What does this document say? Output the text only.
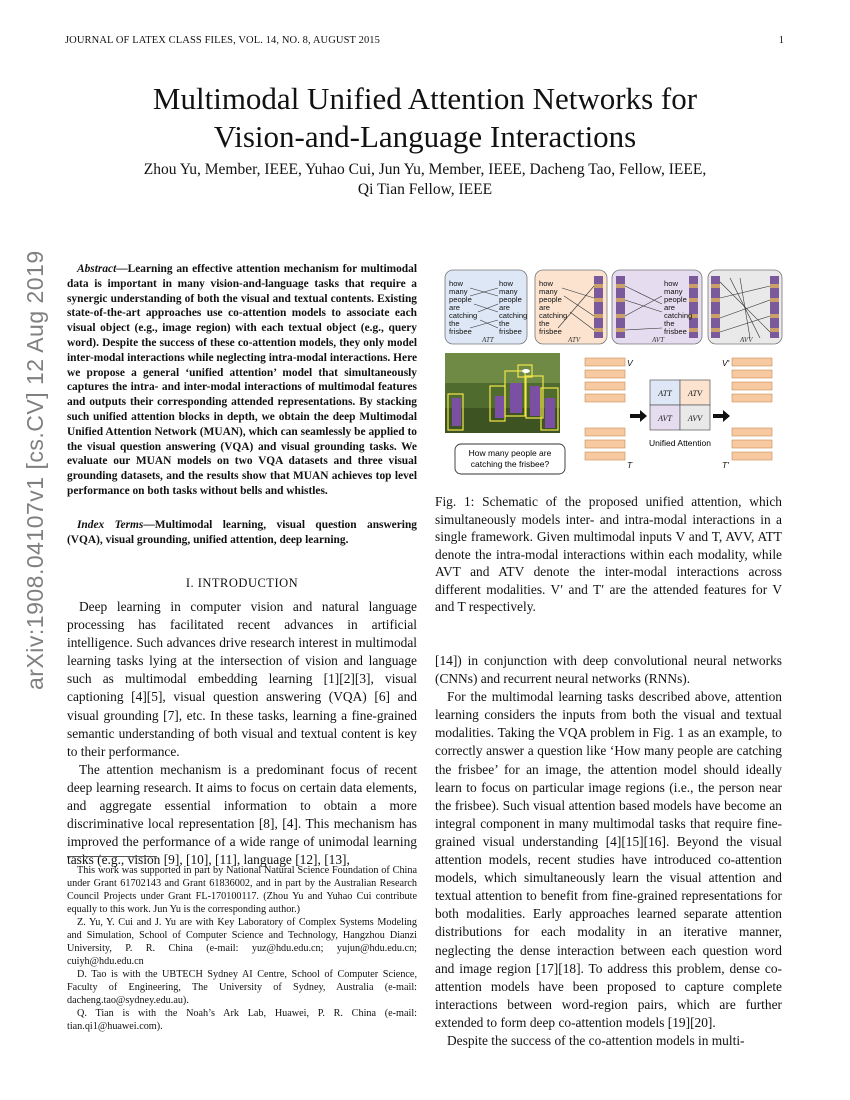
JOURNAL OF LATEX CLASS FILES, VOL. 14, NO. 8, AUGUST 2015	1
Multimodal Unified Attention Networks for
Vision-and-Language Interactions
Zhou Yu, Member, IEEE, Yuhao Cui, Jun Yu, Member, IEEE, Dacheng Tao, Fellow, IEEE,
Qi Tian Fellow, IEEE
arXiv:1908.04107v1 [cs.CV] 12 Aug 2019	Abstract—Learning an effective attention mechanism for multimodal data is important in many vision-and-language tasks that require a synergic understanding of both the visual and textual contents. Existing state-of-the-art approaches use co-attention models to associate each visual object (e.g., image region) with each textual object (e.g., query word). Despite the success of these co-attention models, they only model inter-modal interactions while neglecting intra-modal interactions. Here we propose a general ‘unified attention’ model that simultaneously captures the intra- and inter-modal interactions of multimodal features and outputs their corresponding attended representations. By stacking such unified attention blocks in depth, we obtain the deep Multimodal Unified Attention Network (MUAN), which can seamlessly be applied to the visual question answering (VQA) and visual grounding tasks. We evaluate our MUAN models on two VQA datasets and three visual grounding datasets, and the results show that MUAN achieves top level performance on both tasks without bells and whistles.
Index Terms—Multimodal learning, visual question answering (VQA), visual grounding, unified attention, deep learning.
I. INTRODUCTION

Deep learning in computer vision and natural language processing has facilitated recent advances in artificial intelligence. Such advances drive research interest in multimodal learning tasks lying at the intersection of vision and language such as multimodal embedding learning [1][2][3], visual captioning [4][5], visual question answering (VQA) [6] and visual grounding [7], etc. In these tasks, learning a fine-grained semantic understanding of both visual and textual content is key to their performance.

The attention mechanism is a predominant focus of recent deep learning research. It aims to focus on certain data elements, and aggregate essential information to obtain a more discriminative local representation [8], [4]. This mechanism has improved the performance of a wide range of unimodal learning tasks (e.g., vision [9], [10], [11], language [12], [13],

This work was supported in part by National Natural Science Foundation of China under Grant 61702143 and Grant 61836002, and in part by the Australian Research Council Projects under Grant FL-170100117. (Zhou Yu and Yuhao Cui contribute equally to this work. Jun Yu is the corresponding author.)

Z. Yu, Y. Cui and J. Yu are with Key Laboratory of Complex Systems Modeling and Simulation, School of Computer Science and Technology, Hangzhou Dianzi University, P. R. China (e-mail: yuz@hdu.edu.cn; yujun@hdu.edu.cn; cuiyh@hdu.edu.cn

D. Tao is with the UBTECH Sydney AI Centre, School of Computer Science, Faculty of Engineering, The University of Sydney, Australia (e-mail: dacheng.tao@sydney.edu.au).

Q. Tian is with the Noah’s Ark Lab, Huawei, P. R. China (e-mail: tian.qi1@huawei.com).

how
many
people
are
catching
the
frisbee
how
many
people
are
catching
the
frisbee
how
many
people
are
catching
the
frisbee
how
many
people
are
catching
the
frisbee
ATT	ATV	AVT	AVV
How many people are
catching the frisbee?
V
T
V′
T′
ATT ATV
AVT AVV
Unified Attention
Fig. 1: Schematic of the proposed unified attention, which simultaneously models inter- and intra-modal interactions in a single framework. Given multimodal inputs V and T, AVV, ATT denote the intra-modal interactions within each modality, while AVT and ATV denote the inter-modal interactions across different modalities. V′ and T′ are the attended features for V and T respectively.

[14]) in conjunction with deep convolutional neural networks (CNNs) and recurrent neural networks (RNNs).

For the multimodal learning tasks described above, attention learning considers the inputs from both the visual and textual modalities. Taking the VQA problem in Fig. 1 as an example, to correctly answer a question like ‘How many people are catching the frisbee’ for an image, the attention model should ideally learn to focus on particular image regions (i.e., the person near the frisbee). Such visual attention based models have become an integral component in many multimodal tasks that require fine-grained visual understanding [4][15][16]. Beyond the visual attention models, recent studies have introduced co-attention models, which simultaneously learn the visual attention and textual attention to benefit from fine-grained representations for both modalities. Early approaches learned separate attention distributions for each modality in an iterative manner, neglecting the dense interaction between each question word and image region [17][18]. To address this problem, dense co-attention models have been proposed to capture complete interactions between word-region pairs, which are further extended to form deep co-attention models [19][20].

Despite the success of the co-attention models in multi-
